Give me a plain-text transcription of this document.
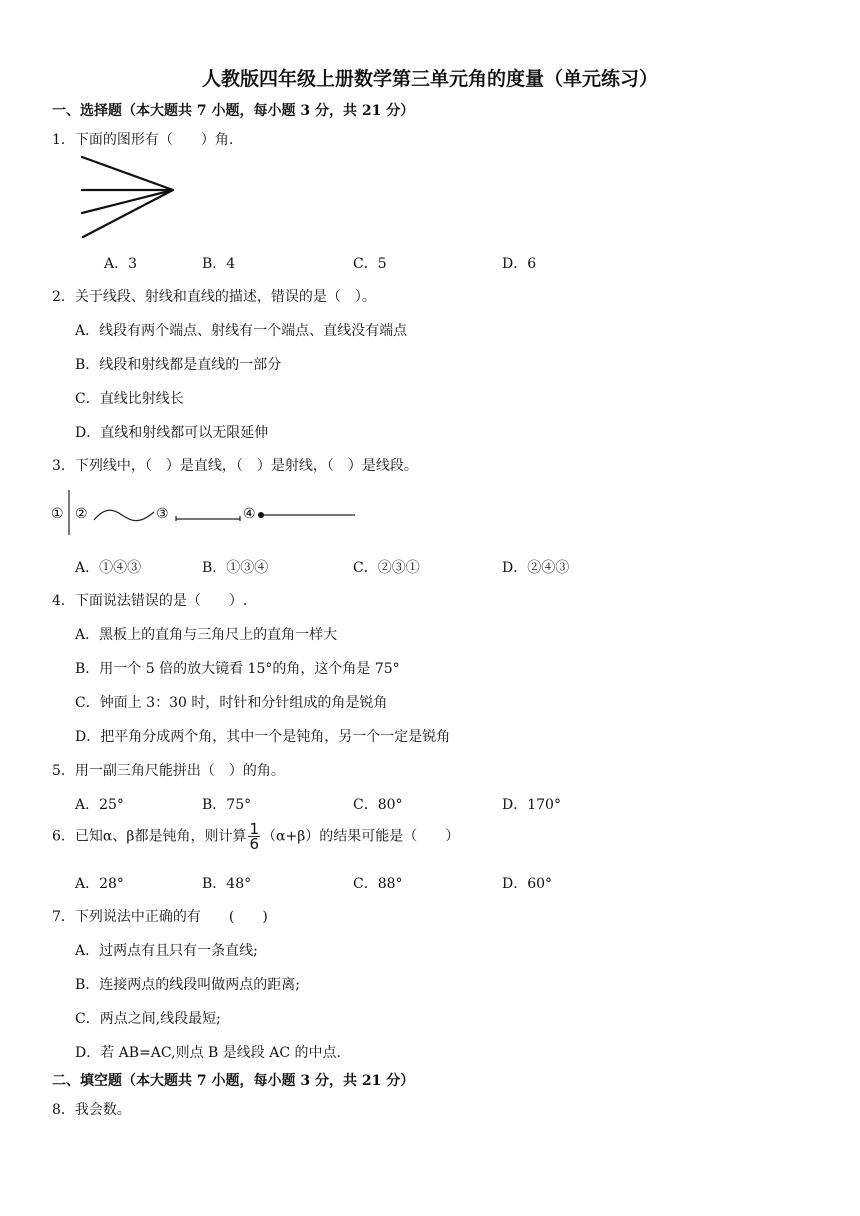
人教版四年级上册数学第三单元角的度量（单元练习）
一、选择题（本大题共 7 小题，每小题 3 分，共 21 分）
1．下面的图形有（　　）角.
A．3	B．4	C．5	D．6
2．关于线段、射线和直线的描述，错误的是（　）。
A．线段有两个端点、射线有一个端点、直线没有端点
B．线段和射线都是直线的一部分
C．直线比射线长
D．直线和射线都可以无限延伸
3．下列线中，（　）是直线，（　）是射线，（　）是线段。
① ②	③	④
A．①④③	B．①③④	C．②③①	D．②④③
4．下面说法错误的是（　　）.
A．黑板上的直角与三角尺上的直角一样大
B．用一个 5 倍的放大镜看 15°的角，这个角是 75°
C．钟面上 3：30 时，时针和分针组成的角是锐角
D．把平角分成两个角，其中一个是钝角，另一个一定是锐角
5．用一副三角尺能拼出（　）的角。
A．25°	B．75°	C．80°	D．170°
6．已知α、β都是钝角，则计算 $\frac{1}{6} (\alpha+\beta)$的结果可能是（　　）
A．28°	B．48°	C．88°	D．60°
7．下列说法中正确的有　　(　　)
A．过两点有且只有一条直线;
B．连接两点的线段叫做两点的距离;
C．两点之间,线段最短;
D．若 AB=AC,则点 B 是线段 AC 的中点.
二、填空题（本大题共 7 小题，每小题 3 分，共 21 分）
8．我会数。
